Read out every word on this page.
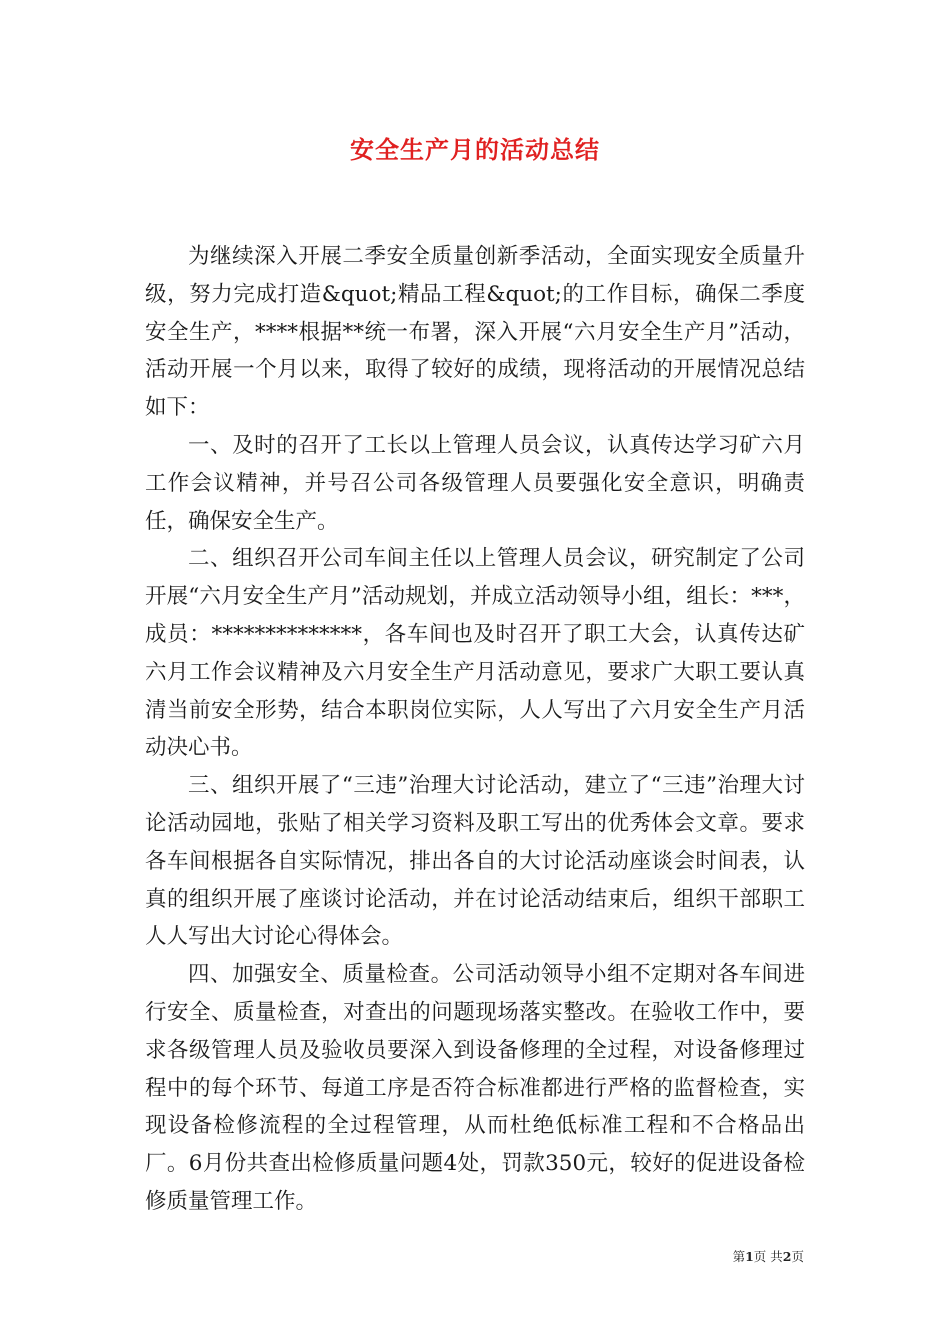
安全生产月的活动总结

为继续深入开展二季安全质量创新季活动，全面实现安全质量升级，努力完成打造&quot;精品工程&quot;的工作目标，确保二季度安全生产，****根据**统一布署，深入开展“六月安全生产月”活动，活动开展一个月以来，取得了较好的成绩，现将活动的开展情况总结如下：

一、及时的召开了工长以上管理人员会议，认真传达学习矿六月工作会议精神，并号召公司各级管理人员要强化安全意识，明确责任，确保安全生产。

二、组织召开公司车间主任以上管理人员会议，研究制定了公司开展“六月安全生产月”活动规划，并成立活动领导小组，组长：***，成员：**************，各车间也及时召开了职工大会，认真传达矿六月工作会议精神及六月安全生产月活动意见，要求广大职工要认真清当前安全形势，结合本职岗位实际，人人写出了六月安全生产月活动决心书。

三、组织开展了“三违”治理大讨论活动，建立了“三违”治理大讨论活动园地，张贴了相关学习资料及职工写出的优秀体会文章。要求各车间根据各自实际情况，排出各自的大讨论活动座谈会时间表，认真的组织开展了座谈讨论活动，并在讨论活动结束后，组织干部职工人人写出大讨论心得体会。

四、加强安全、质量检查。公司活动领导小组不定期对各车间进行安全、质量检查，对查出的问题现场落实整改。在验收工作中，要求各级管理人员及验收员要深入到设备修理的全过程，对设备修理过程中的每个环节、每道工序是否符合标准都进行严格的监督检查，实现设备检修流程的全过程管理，从而杜绝低标准工程和不合格品出厂。6月份共查出检修质量问题4处，罚款350元，较好的促进设备检修质量管理工作。

第1页 共2页
